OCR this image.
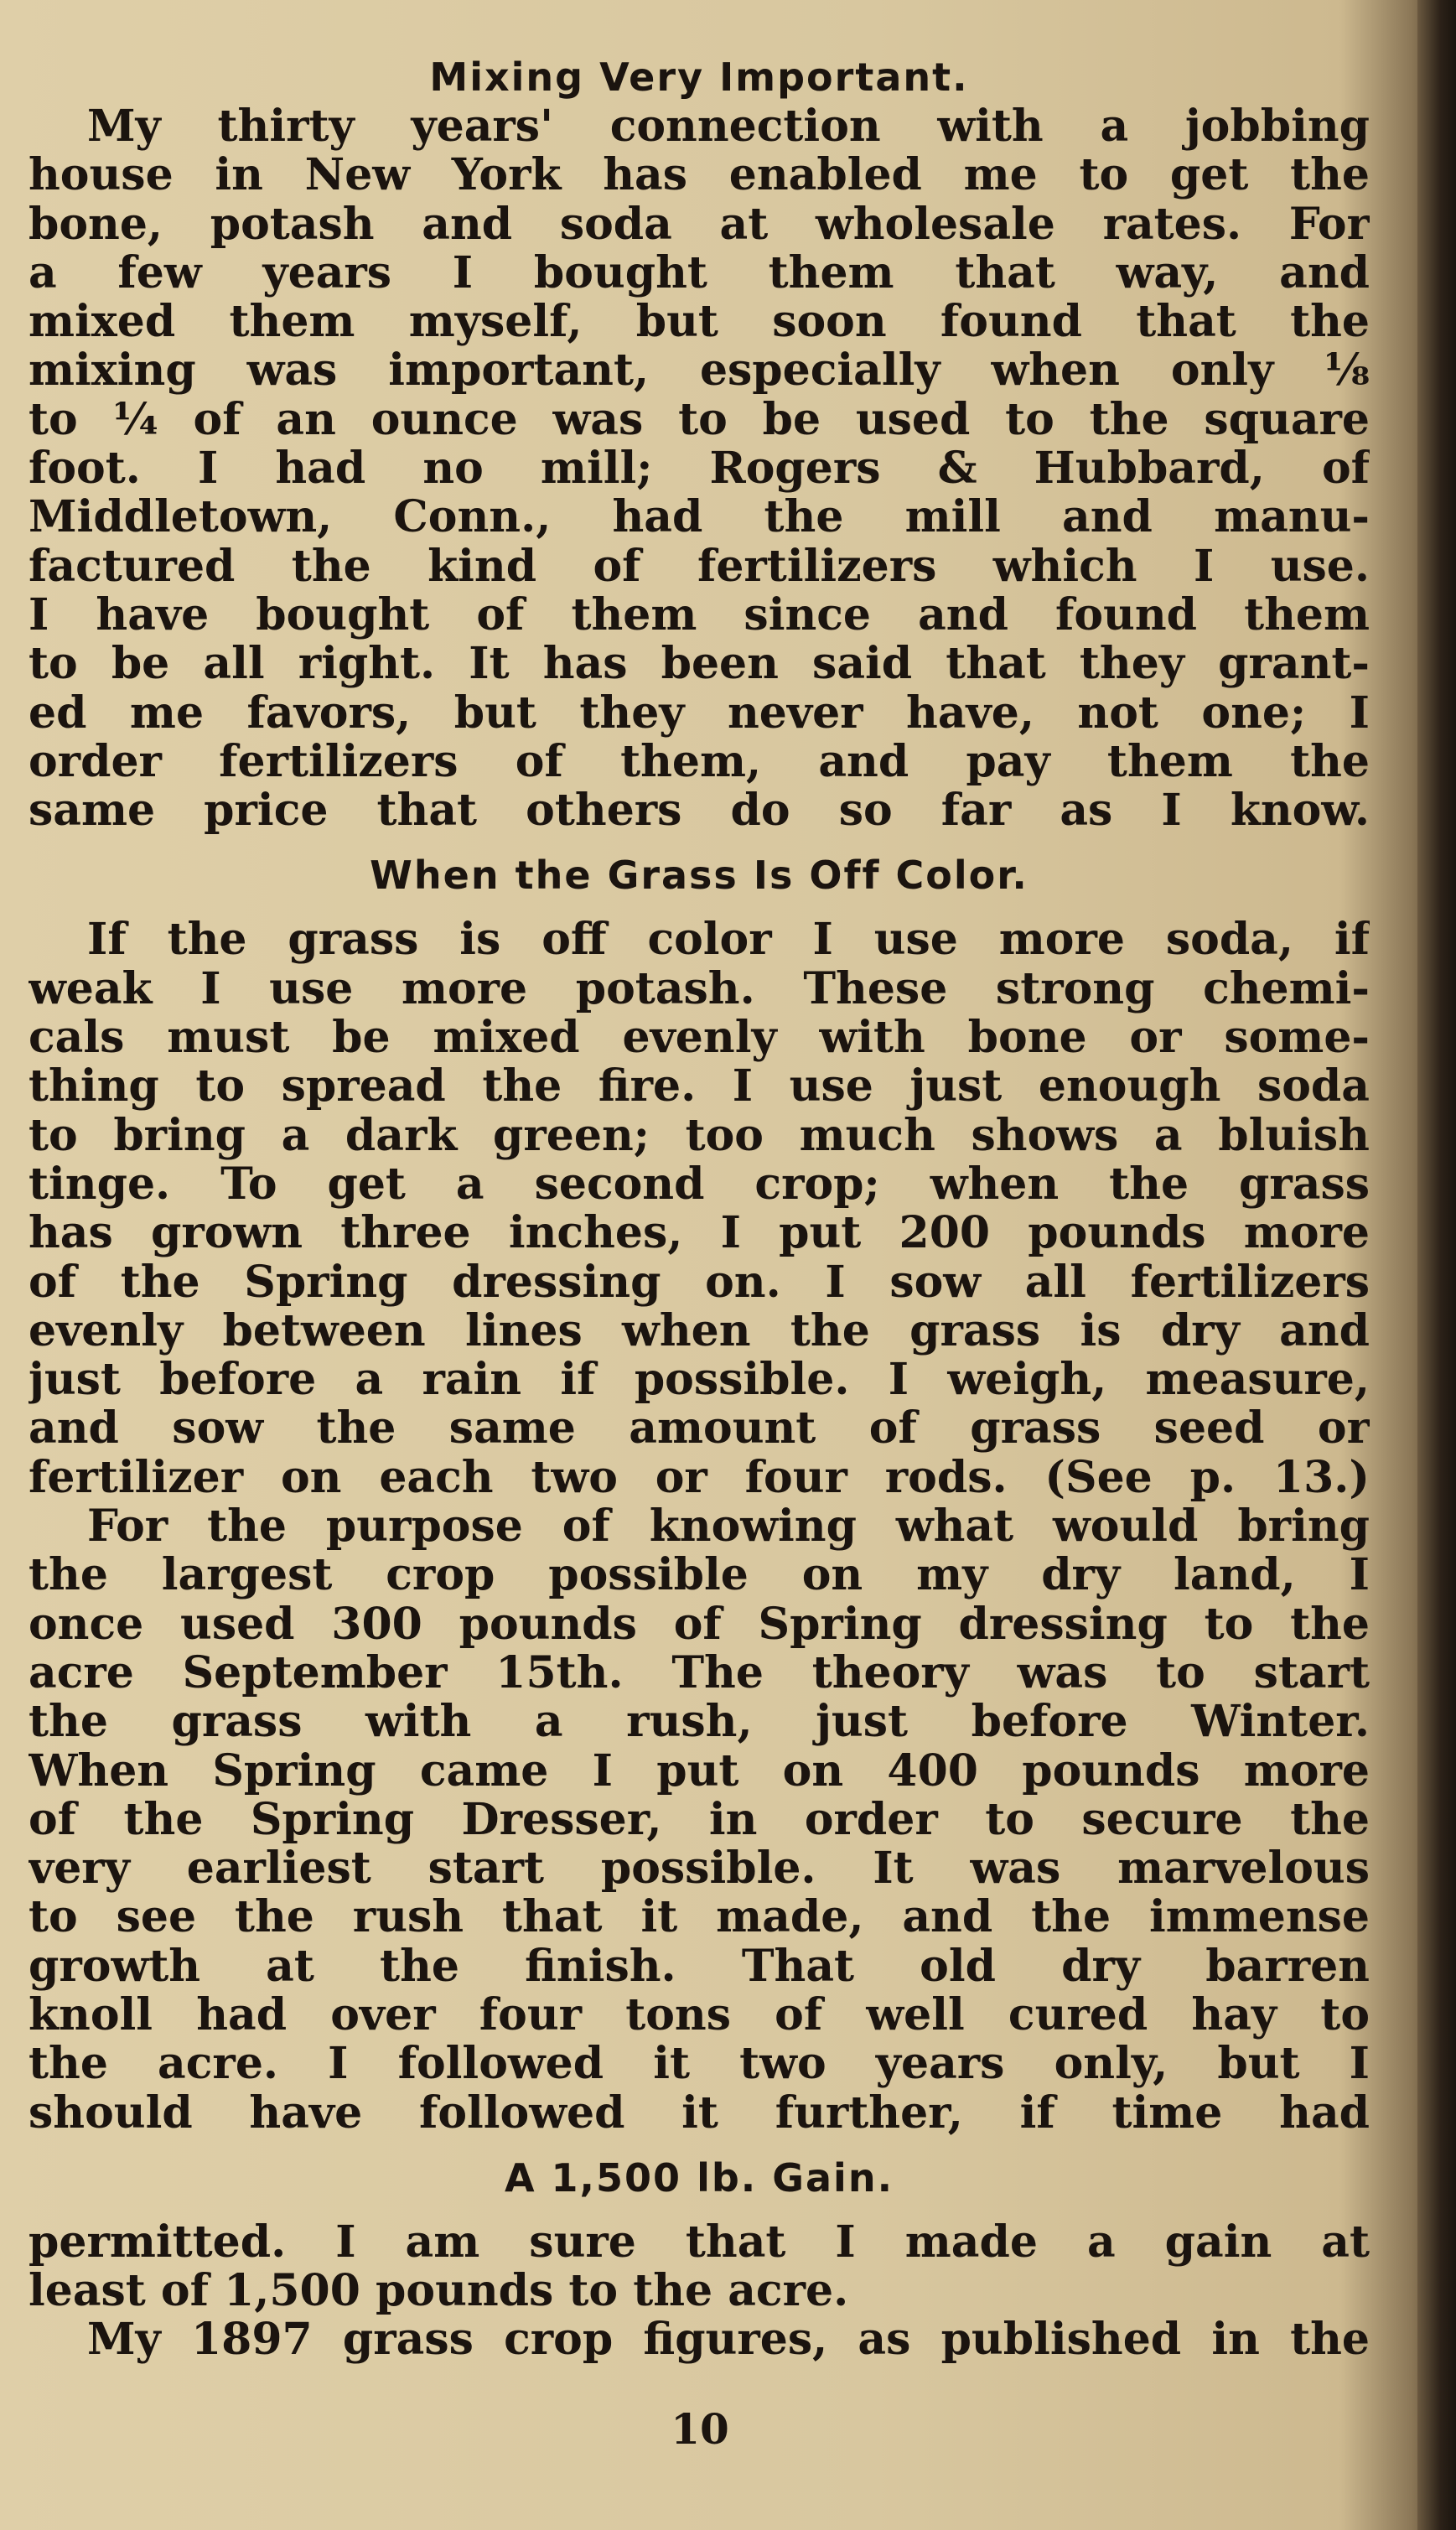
Mixing Very Important.
My thirty years' connection with a jobbing
house in New York has enabled me to get the
bone, potash and soda at wholesale rates. For
a few years I bought them that way, and
mixed them myself, but soon found that the
mixing was important, especially when only ⅛
to ¼ of an ounce was to be used to the square
foot. I had no mill; Rogers & Hubbard, of
Middletown, Conn., had the mill and manu-
factured the kind of fertilizers which I use.
I have bought of them since and found them
to be all right. It has been said that they grant-
ed me favors, but they never have, not one; I
order fertilizers of them, and pay them the
same price that others do so far as I know.
When the Grass Is Off Color.
If the grass is off color I use more soda, if
weak I use more potash. These strong chemi-
cals must be mixed evenly with bone or some-
thing to spread the fire. I use just enough soda
to bring a dark green; too much shows a bluish
tinge. To get a second crop; when the grass
has grown three inches, I put 200 pounds more
of the Spring dressing on. I sow all fertilizers
evenly between lines when the grass is dry and
just before a rain if possible. I weigh, measure,
and sow the same amount of grass seed or
fertilizer on each two or four rods. (See p. 13.)
For the purpose of knowing what would bring
the largest crop possible on my dry land, I
once used 300 pounds of Spring dressing to the
acre September 15th. The theory was to start
the grass with a rush, just before Winter.
When Spring came I put on 400 pounds more
of the Spring Dresser, in order to secure the
very earliest start possible. It was marvelous
to see the rush that it made, and the immense
growth at the finish. That old dry barren
knoll had over four tons of well cured hay to
the acre. I followed it two years only, but I
should have followed it further, if time had
A 1,500 lb. Gain.
permitted. I am sure that I made a gain at
least of 1,500 pounds to the acre.
My 1897 grass crop figures, as published in the
10
